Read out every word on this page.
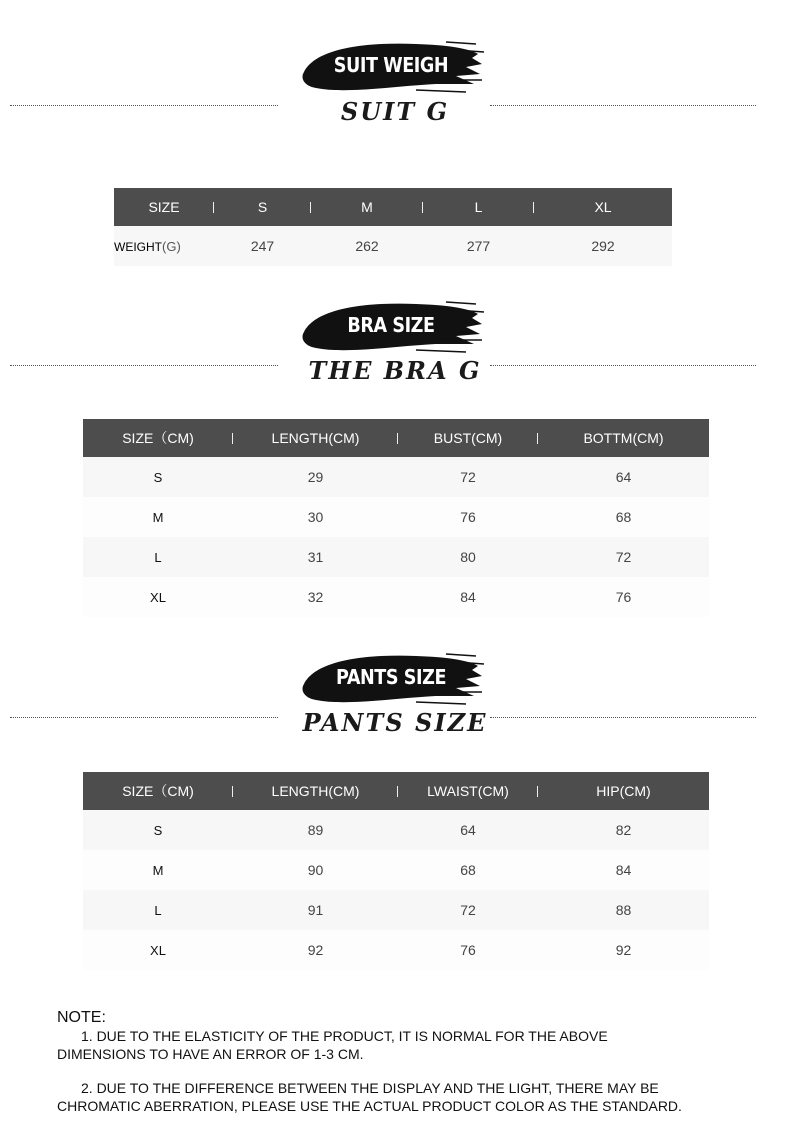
SUIT WEIGH
SUIT G
SIZE	S	M	L	XL
WEIGHT(G)	247	262	277	292
BRA SIZE
THE BRA G
SIZE（CM)	LENGTH(CM)	BUST(CM)	BOTTM(CM)
S	29	72	64
M	30	76	68
L	31	80	72
XL	32	84	76
PANTS SIZE
PANTS SIZE
SIZE（CM)	LENGTH(CM)	LWAIST(CM)	HIP(CM)
S	89	64	82
M	90	68	84
L	91	72	88
XL	92	76	92
NOTE:

1. DUE TO THE ELASTICITY OF THE PRODUCT, IT IS NORMAL FOR THE ABOVE

DIMENSIONS TO HAVE AN ERROR OF 1-3 CM.

2. DUE TO THE DIFFERENCE BETWEEN THE DISPLAY AND THE LIGHT, THERE MAY BE

CHROMATIC ABERRATION, PLEASE USE THE ACTUAL PRODUCT COLOR AS THE STANDARD.
